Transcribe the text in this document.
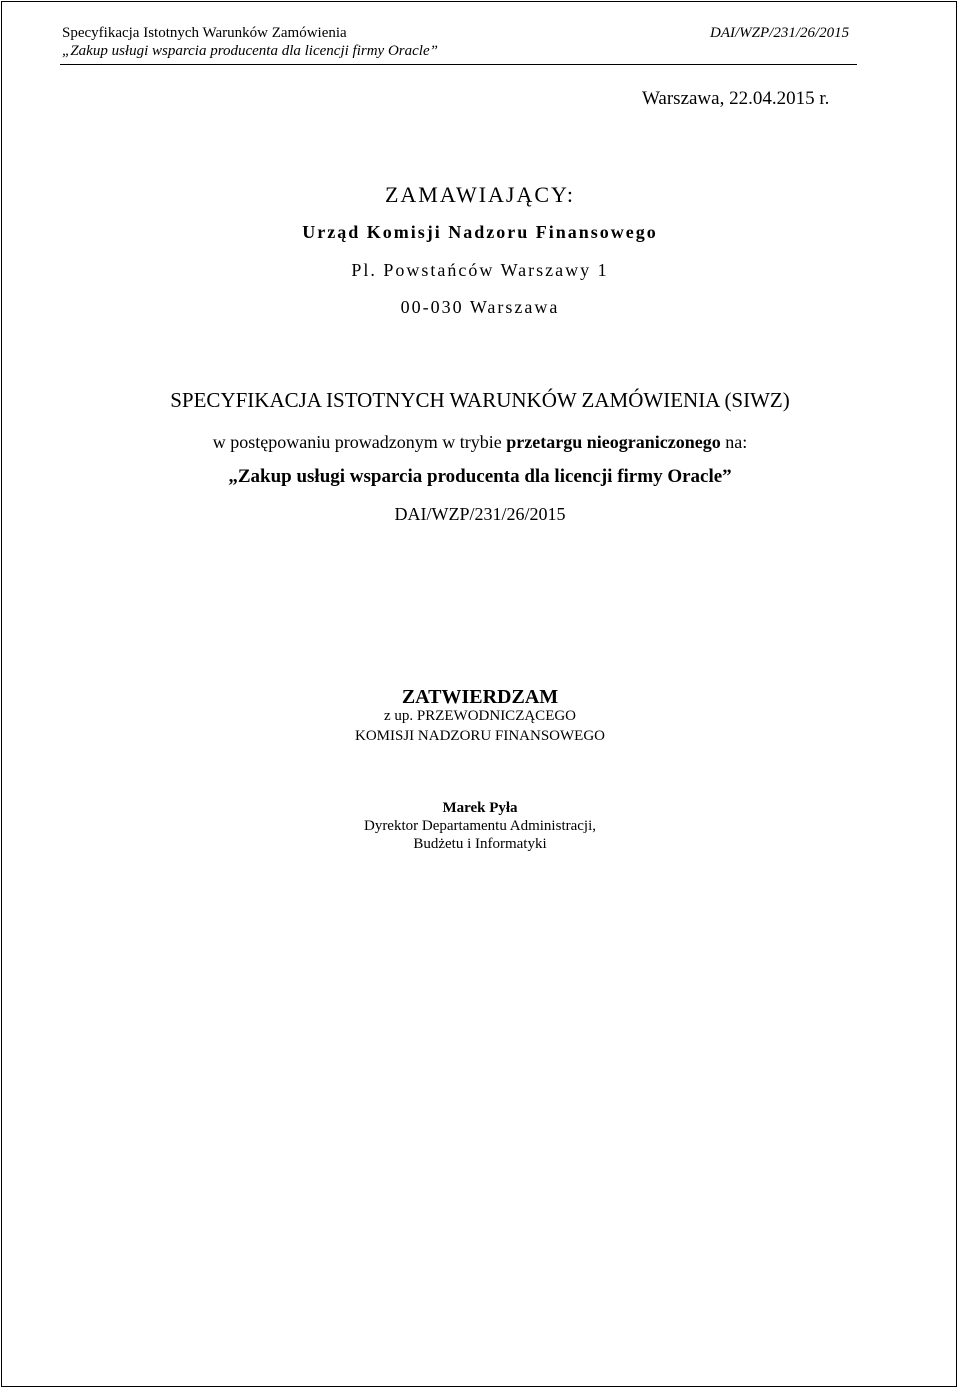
Specyfikacja Istotnych Warunków Zamówienia
„Zakup usługi wsparcia producenta dla licencji firmy Oracle”
DAI/WZP/231/26/2015
Warszawa, 22.04.2015 r.
ZAMAWIAJĄCY:
Urząd Komisji Nadzoru Finansowego
Pl. Powstańców Warszawy 1
00-030 Warszawa
SPECYFIKACJA ISTOTNYCH WARUNKÓW ZAMÓWIENIA (SIWZ)
w postępowaniu prowadzonym w trybie przetargu nieograniczonego na:
„Zakup usługi wsparcia producenta dla licencji firmy Oracle”
DAI/WZP/231/26/2015
ZATWIERDZAM
z up. PRZEWODNICZĄCEGO
KOMISJI NADZORU FINANSOWEGO
Marek Pyła
Dyrektor Departamentu Administracji,
Budżetu i Informatyki
